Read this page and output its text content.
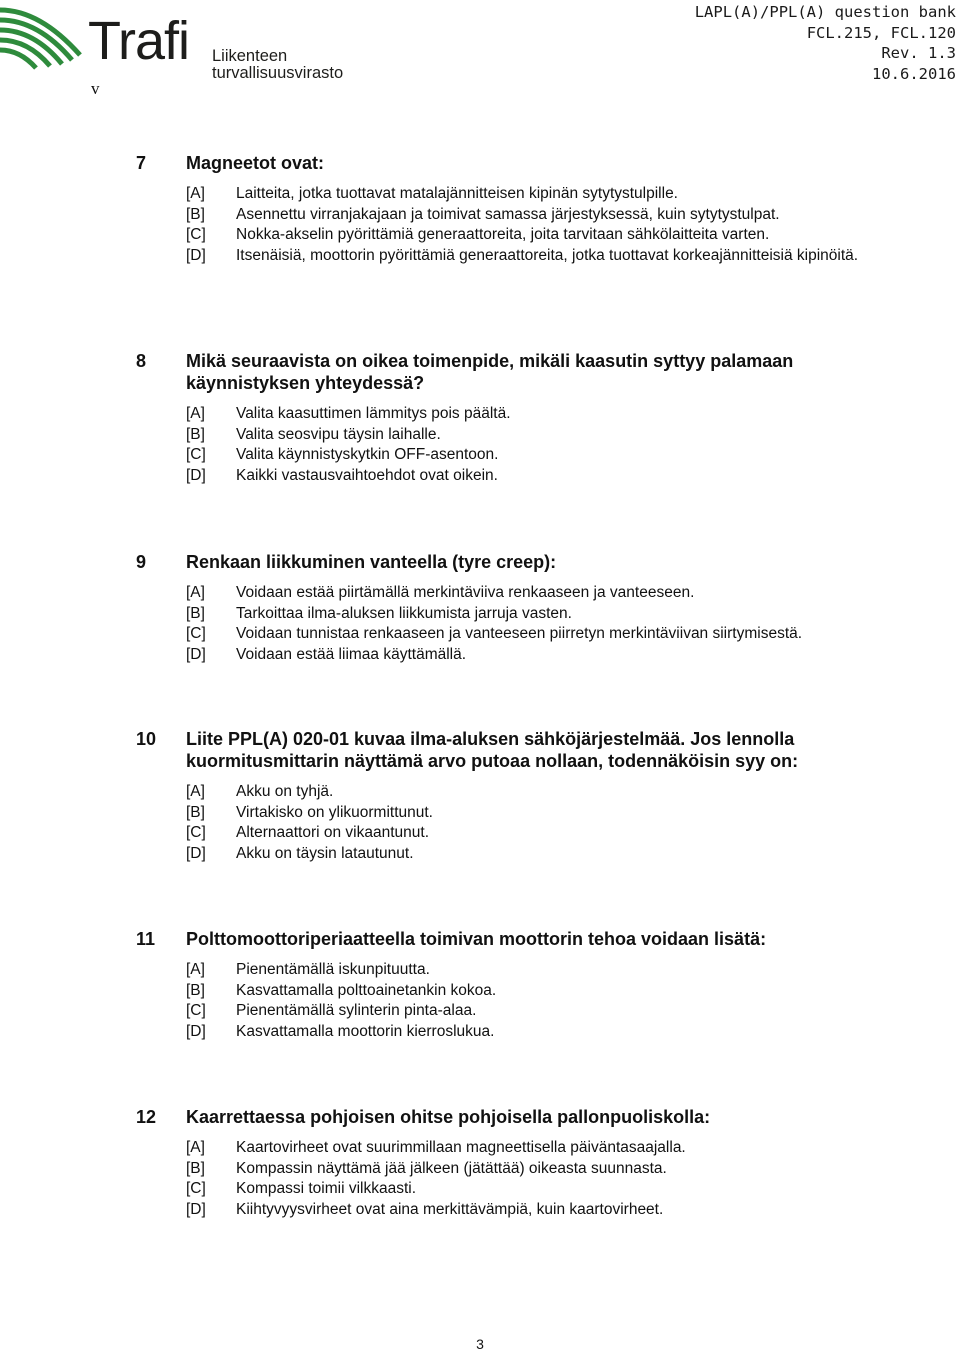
Trafi Liikenteen turvallisuusvirasto
v
LAPL(A)/PPL(A) question bank
FCL.215, FCL.120
Rev. 1.3
10.6.2016
7 Magneetot ovat:
[A] Laitteita, jotka tuottavat matalajännitteisen kipinän sytytystulpille.
[B] Asennettu virranjakajaan ja toimivat samassa järjestyksessä, kuin sytytystulpat.
[C] Nokka-akselin pyörittämiä generaattoreita, joita tarvitaan sähkölaitteita varten.
[D] Itsenäisiä, moottorin pyörittämiä generaattoreita, jotka tuottavat korkeajännitteisiä kipinöitä.
8 Mikä seuraavista on oikea toimenpide, mikäli kaasutin syttyy palamaan käynnistyksen yhteydessä?
[A] Valita kaasuttimen lämmitys pois päältä.
[B] Valita seosvipu täysin laihalle.
[C] Valita käynnistyskytkin OFF-asentoon.
[D] Kaikki vastausvaihtoehdot ovat oikein.
9 Renkaan liikkuminen vanteella (tyre creep):
[A] Voidaan estää piirtämällä merkintäviiva renkaaseen ja vanteeseen.
[B] Tarkoittaa ilma-aluksen liikkumista jarruja vasten.
[C] Voidaan tunnistaa renkaaseen ja vanteeseen piirretyn merkintäviivan siirtymisestä.
[D] Voidaan estää liimaa käyttämällä.
10 Liite PPL(A) 020-01 kuvaa ilma-aluksen sähköjärjestelmää. Jos lennolla kuormitusmittarin näyttämä arvo putoaa nollaan, todennäköisin syy on:
[A] Akku on tyhjä.
[B] Virtakisko on ylikuormittunut.
[C] Alternaattori on vikaantunut.
[D] Akku on täysin latautunut.
11 Polttomoottoriperiaatteella toimivan moottorin tehoa voidaan lisätä:
[A] Pienentämällä iskunpituutta.
[B] Kasvattamalla polttoainetankin kokoa.
[C] Pienentämällä sylinterin pinta-alaa.
[D] Kasvattamalla moottorin kierroslukua.
12 Kaarrettaessa pohjoisen ohitse pohjoisella pallonpuoliskolla:
[A] Kaartovirheet ovat suurimmillaan magneettisella päiväntasaajalla.
[B] Kompassin näyttämä jää jälkeen (jätättää) oikeasta suunnasta.
[C] Kompassi toimii vilkkaasti.
[D] Kiihtyvyysvirheet ovat aina merkittävämpiä, kuin kaartovirheet.
3
